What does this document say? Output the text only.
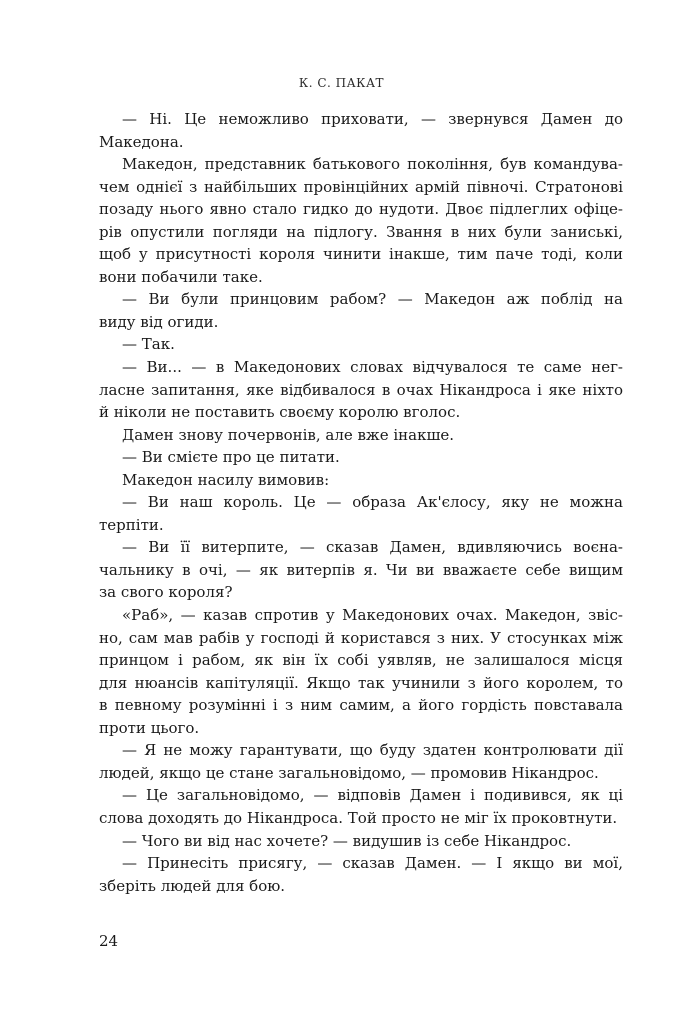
К. С. ПАКАТ
— Ні. Це неможливо приховати, — звернувся Дамен до
Македона.
Македон, представник батькового покоління, був командува-
чем однієї з найбільших провінційних армій півночі. Стратонові
позаду нього явно стало гидко до нудоти. Двоє підлеглих офіце-
рів опустили погляди на підлогу. Звання в них були заниські,
щоб у присутності короля чинити інакше, тим паче тоді, коли
вони побачили таке.
— Ви були принцовим рабом? — Македон аж поблід на
виду від огиди.
— Так.
— Ви... — в Македонових словах відчувалося те саме нег-
ласне запитання, яке відбивалося в очах Нікандроса і яке ніхто
й ніколи не поставить своєму королю вголос.
Дамен знову почервонів, але вже інакше.
— Ви смієте про це питати.
Македон насилу вимовив:
— Ви наш король. Це — образа Ак'єлосу, яку не можна
терпіти.
— Ви її витерпите, — сказав Дамен, вдивляючись воєна-
чальнику в очі, — як витерпів я. Чи ви вважаєте себе вищим
за свого короля?
«Раб», — казав спротив у Македонових очах. Македон, звіс-
но, сам мав рабів у господі й користався з них. У стосунках між
принцом і рабом, як він їх собі уявляв, не залишалося місця
для нюансів капітуляції. Якщо так учинили з його королем, то
в певному розумінні і з ним самим, а його гордість повставала
проти цього.
— Я не можу гарантувати, що буду здатен контролювати дії
людей, якщо це стане загальновідомо, — промовив Нікандрос.
— Це загальновідомо, — відповів Дамен і подивився, як ці
слова доходять до Нікандроса. Той просто не міг їх проковтнути.
— Чого ви від нас хочете? — видушив із себе Нікандрос.
— Принесіть присягу, — сказав Дамен. — І якщо ви мої,
зберіть людей для бою.
24
